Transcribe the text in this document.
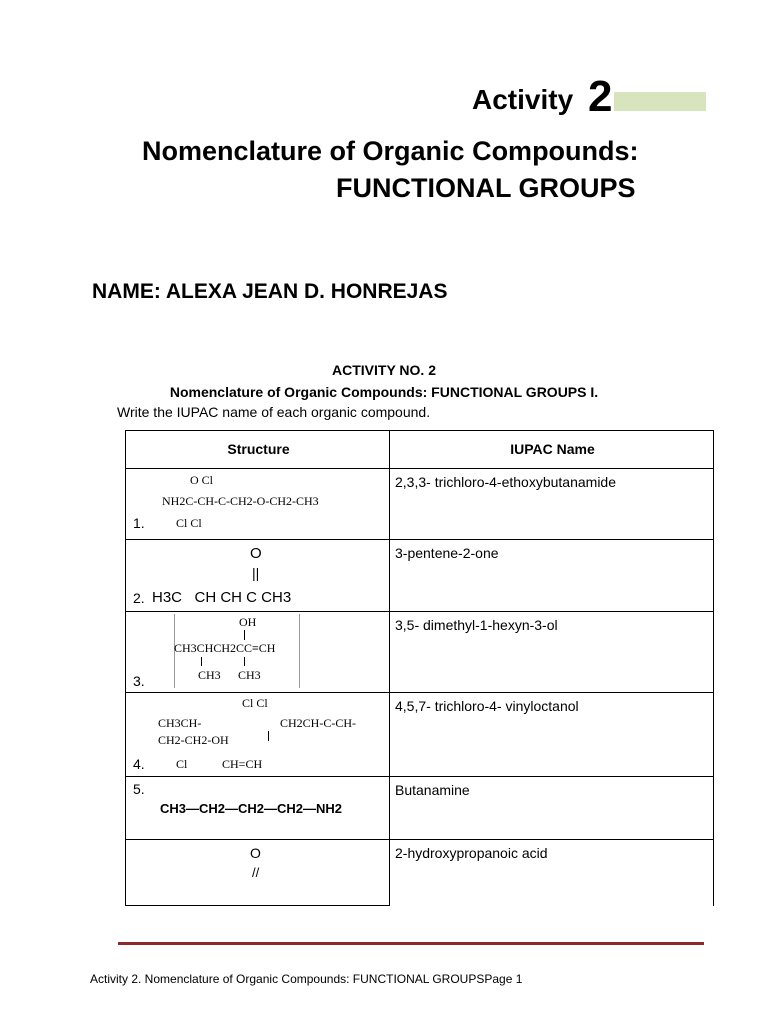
Activity 2
Nomenclature of Organic Compounds:
FUNCTIONAL GROUPS
NAME: ALEXA JEAN D. HONREJAS
ACTIVITY NO. 2
Nomenclature of Organic Compounds: FUNCTIONAL GROUPS I.
Write the IUPAC name of each organic compound.
Structure	IUPAC Name
O Cl
NH2C-CH-C-CH2-O-CH2-CH3
1.	Cl Cl
2,3,3- trichloro-4-ethoxybutanamide
O
||
2. H3C   CH CH C CH3
3-pentene-2-one
OH
CH3CHCH2CC≡CH
CH3 CH3
3.
3,5- dimethyl-1-hexyn-3-ol
Cl Cl
CH3CH-	CH2CH-C-CH-
CH2-CH2-OH
4.	Cl	CH=CH
4,5,7- trichloro-4- vinyloctanol
5.
CH3—CH2—CH2—CH2—NH2
Butanamine
O
//
2-hydroxypropanoic acid
Activity 2. Nomenclature of Organic Compounds: FUNCTIONAL GROUPSPage 1
